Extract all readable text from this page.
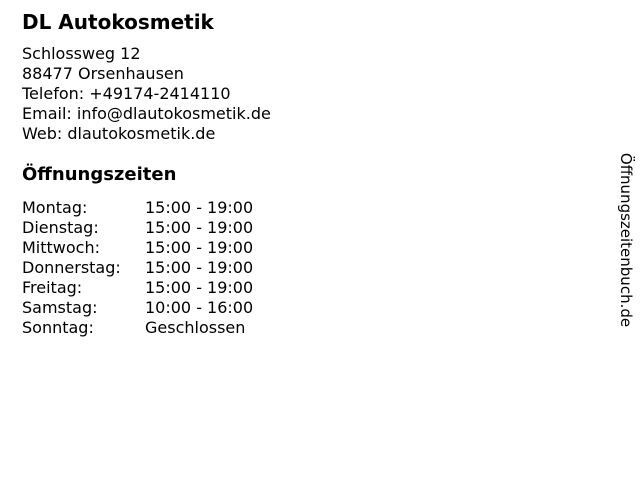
DL Autokosmetik
Schlossweg 12
88477 Orsenhausen
Telefon: +49174-2414110
Email: info@dlautokosmetik.de
Web: dlautokosmetik.de
Öffnungszeiten
Montag:	15:00 - 19:00
Dienstag:	15:00 - 19:00
Mittwoch:	15:00 - 19:00
Donnerstag:	15:00 - 19:00
Freitag:	15:00 - 19:00
Samstag:	10:00 - 16:00
Sonntag:	Geschlossen
Öffnungszeitenbuch.de
